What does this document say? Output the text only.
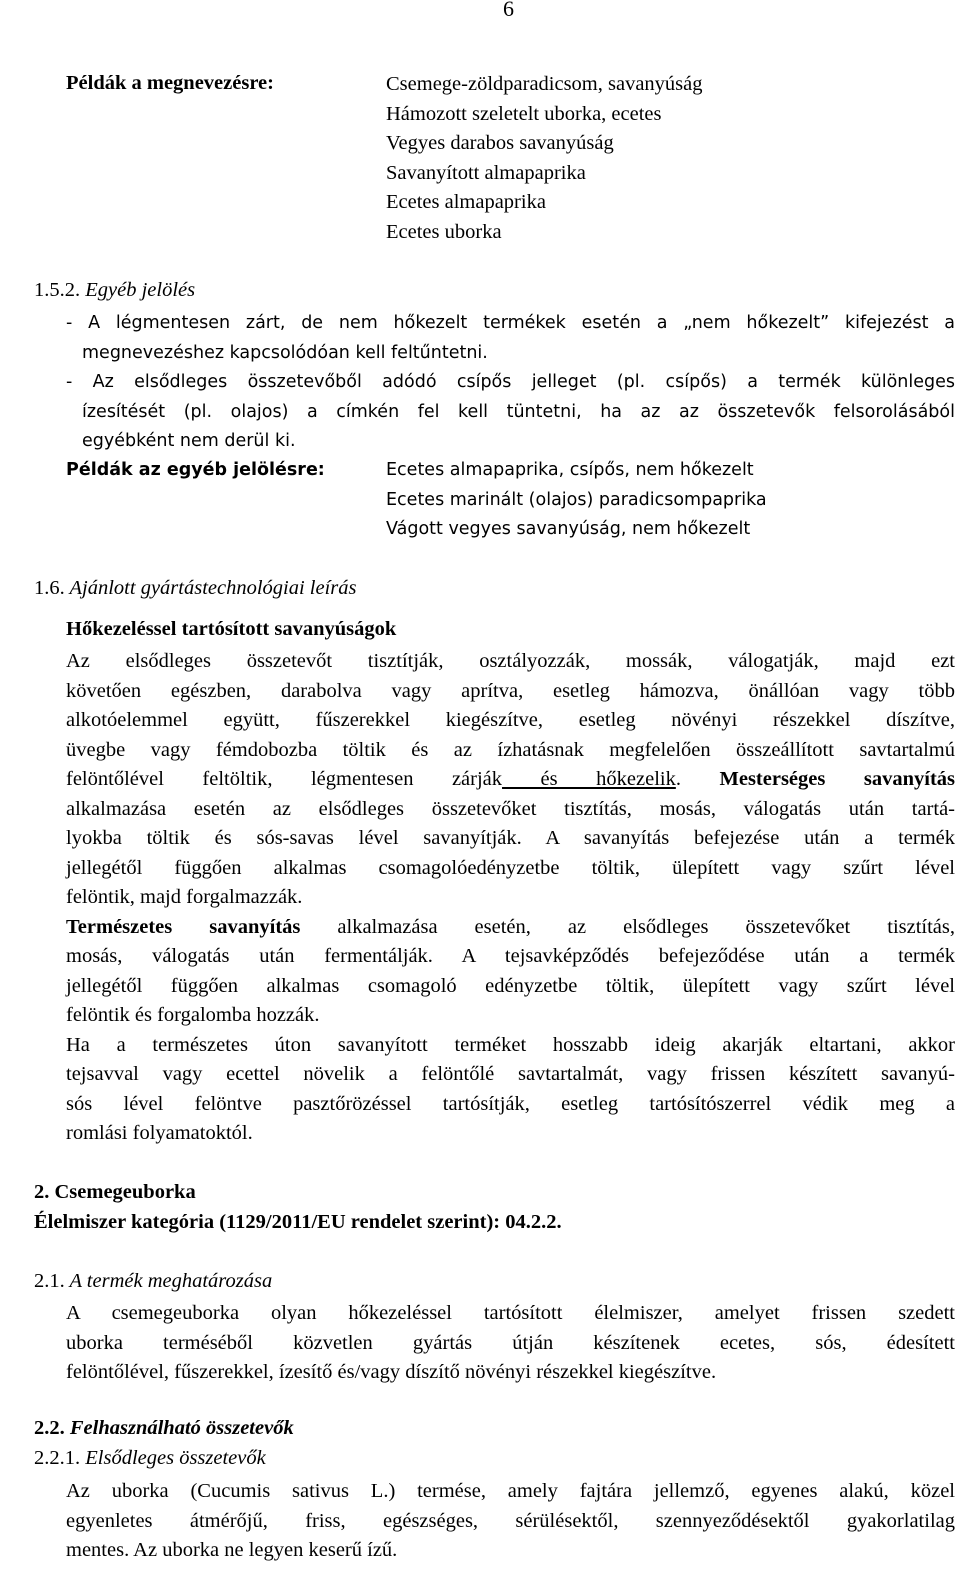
6
Példák a megnevezésre:	Csemege-zöldparadicsom, savanyúság
Hámozott szeletelt uborka, ecetes
Vegyes darabos savanyúság
Savanyított almapaprika
Ecetes almapaprika
Ecetes uborka
1.5.2. Egyéb jelölés
- A légmentesen zárt, de nem hőkezelt termékek esetén a „nem hőkezelt” kifejezést a
megnevezéshez kapcsolódóan kell feltűntetni.
- Az elsődleges összetevőből adódó csípős jelleget (pl. csípős) a termék különleges
ízesítését (pl. olajos) a címkén fel kell tüntetni, ha az az összetevők felsorolásából
egyébként nem derül ki.
Példák az egyéb jelölésre:	Ecetes almapaprika, csípős, nem hőkezelt
Ecetes marinált (olajos) paradicsompaprika
Vágott vegyes savanyúság, nem hőkezelt
1.6. Ajánlott gyártástechnológiai leírás
Hőkezeléssel tartósított savanyúságok
Az elsődleges összetevőt tisztítják, osztályozzák, mossák, válogatják, majd ezt
követően egészben, darabolva vagy aprítva, esetleg hámozva, önállóan vagy több
alkotóelemmel együtt, fűszerekkel kiegészítve, esetleg növényi részekkel díszítve,
üvegbe vagy fémdobozba töltik és az ízhatásnak megfelelően összeállított savtartalmú
felöntőlével feltöltik, légmentesen zárják és hőkezelik. Mesterséges savanyítás
alkalmazása esetén az elsődleges összetevőket tisztítás, mosás, válogatás után tartá-
lyokba töltik és sós-savas lével savanyítják. A savanyítás befejezése után a termék
jellegétől függően alkalmas csomagolóedényzetbe töltik, ülepített vagy szűrt lével
felöntik, majd forgalmazzák.
Természetes savanyítás alkalmazása esetén, az elsődleges összetevőket tisztítás,
mosás, válogatás után fermentálják. A tejsavképződés befejeződése után a termék
jellegétől függően alkalmas csomagoló edényzetbe töltik, ülepített vagy szűrt lével
felöntik és forgalomba hozzák.
Ha a természetes úton savanyított terméket hosszabb ideig akarják eltartani, akkor
tejsavval vagy ecettel növelik a felöntőlé savtartalmát, vagy frissen készített savanyú-
sós lével felöntve pasztőrözéssel tartósítják, esetleg tartósítószerrel védik meg a
romlási folyamatoktól.
2. Csemegeuborka
Élelmiszer kategória (1129/2011/EU rendelet szerint): 04.2.2.
2.1. A termék meghatározása
A csemegeuborka olyan hőkezeléssel tartósított élelmiszer, amelyet frissen szedett
uborka terméséből közvetlen gyártás útján készítenek ecetes, sós, édesített
felöntőlével, fűszerekkel, ízesítő és/vagy díszítő növényi részekkel kiegészítve.
2.2. Felhasználható összetevők
2.2.1. Elsődleges összetevők
Az uborka (Cucumis sativus L.) termése, amely fajtára jellemző, egyenes alakú, közel
egyenletes átmérőjű, friss, egészséges, sérülésektől, szennyeződésektől gyakorlatilag
mentes. Az uborka ne legyen keserű ízű.
